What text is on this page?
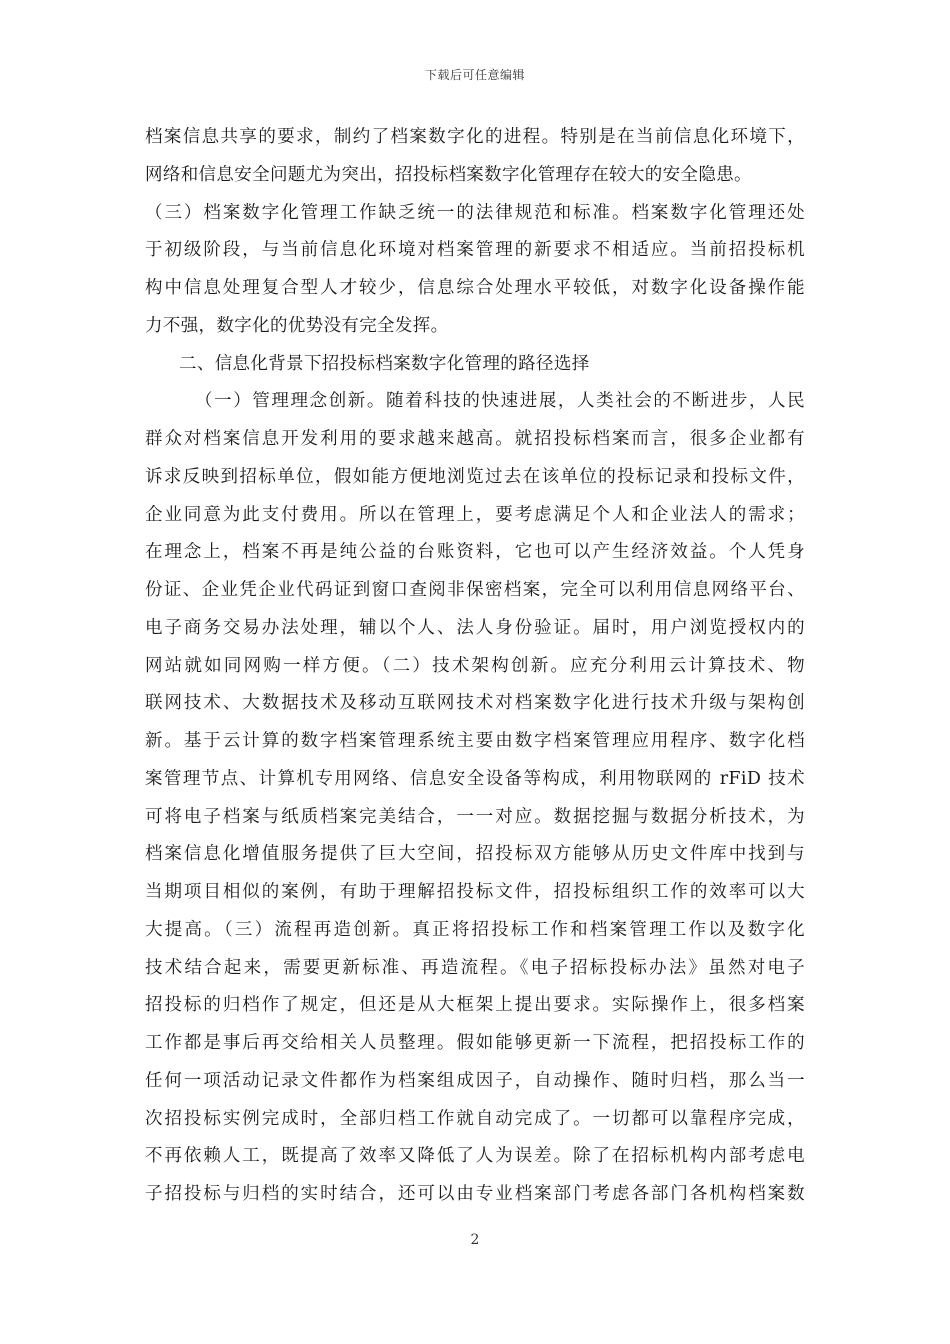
下载后可任意编辑
档案信息共享的要求，制约了档案数字化的进程。特别是在当前信息化环境下，
网络和信息安全问题尤为突出，招投标档案数字化管理存在较大的安全隐患。
（三）档案数字化管理工作缺乏统一的法律规范和标准。档案数字化管理还处
于初级阶段，与当前信息化环境对档案管理的新要求不相适应。当前招投标机
构中信息处理复合型人才较少，信息综合处理水平较低，对数字化设备操作能
力不强，数字化的优势没有完全发挥。
二、信息化背景下招投标档案数字化管理的路径选择
（一）管理理念创新。随着科技的快速进展，人类社会的不断进步，人民
群众对档案信息开发利用的要求越来越高。就招投标档案而言，很多企业都有
诉求反映到招标单位，假如能方便地浏览过去在该单位的投标记录和投标文件，
企业同意为此支付费用。所以在管理上，要考虑满足个人和企业法人的需求；
在理念上，档案不再是纯公益的台账资料，它也可以产生经济效益。个人凭身
份证、企业凭企业代码证到窗口查阅非保密档案，完全可以利用信息网络平台、
电子商务交易办法处理，辅以个人、法人身份验证。届时，用户浏览授权内的
网站就如同网购一样方便。（二）技术架构创新。应充分利用云计算技术、物
联网技术、大数据技术及移动互联网技术对档案数字化进行技术升级与架构创
新。基于云计算的数字档案管理系统主要由数字档案管理应用程序、数字化档
案管理节点、计算机专用网络、信息安全设备等构成，利用物联网的 rFiD 技术
可将电子档案与纸质档案完美结合，一一对应。数据挖掘与数据分析技术，为
档案信息化增值服务提供了巨大空间，招投标双方能够从历史文件库中找到与
当期项目相似的案例，有助于理解招投标文件，招投标组织工作的效率可以大
大提高。（三）流程再造创新。真正将招投标工作和档案管理工作以及数字化
技术结合起来，需要更新标准、再造流程。《电子招标投标办法》虽然对电子
招投标的归档作了规定，但还是从大框架上提出要求。实际操作上，很多档案
工作都是事后再交给相关人员整理。假如能够更新一下流程，把招投标工作的
任何一项活动记录文件都作为档案组成因子，自动操作、随时归档，那么当一
次招投标实例完成时，全部归档工作就自动完成了。一切都可以靠程序完成，
不再依赖人工，既提高了效率又降低了人为误差。除了在招标机构内部考虑电
子招投标与归档的实时结合，还可以由专业档案部门考虑各部门各机构档案数
2
